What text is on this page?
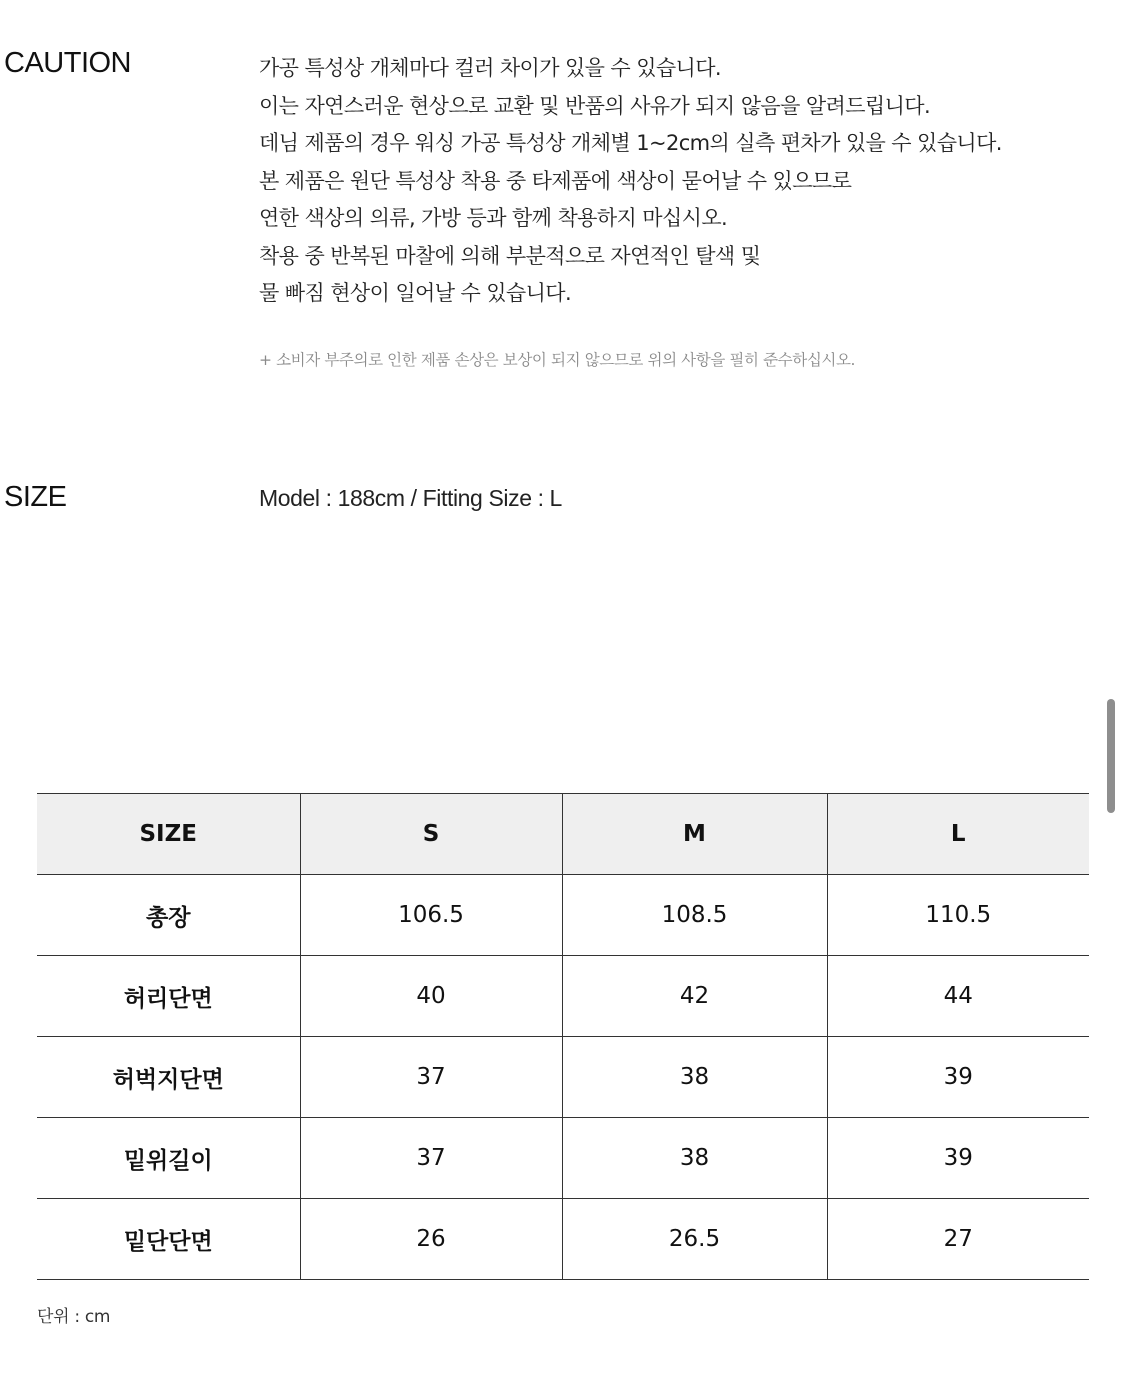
CAUTION	가공 특성상 개체마다 컬러 차이가 있을 수 있습니다.
이는 자연스러운 현상으로 교환 및 반품의 사유가 되지 않음을 알려드립니다.
데님 제품의 경우 워싱 가공 특성상 개체별 1~2cm의 실측 편차가 있을 수 있습니다.
본 제품은 원단 특성상 착용 중 타제품에 색상이 묻어날 수 있으므로
연한 색상의 의류, 가방 등과 함께 착용하지 마십시오.
착용 중 반복된 마찰에 의해 부분적으로 자연적인 탈색 및
물 빠짐 현상이 일어날 수 있습니다.
+ 소비자 부주의로 인한 제품 손상은 보상이 되지 않으므로 위의 사항을 필히 준수하십시오.
SIZE	Model : 188cm / Fitting Size : L
SIZE	S	M	L
총장	106.5	108.5	110.5
허리단면	40	42	44
허벅지단면	37	38	39
밑위길이	37	38	39
밑단단면	26	26.5	27
단위 : cm
